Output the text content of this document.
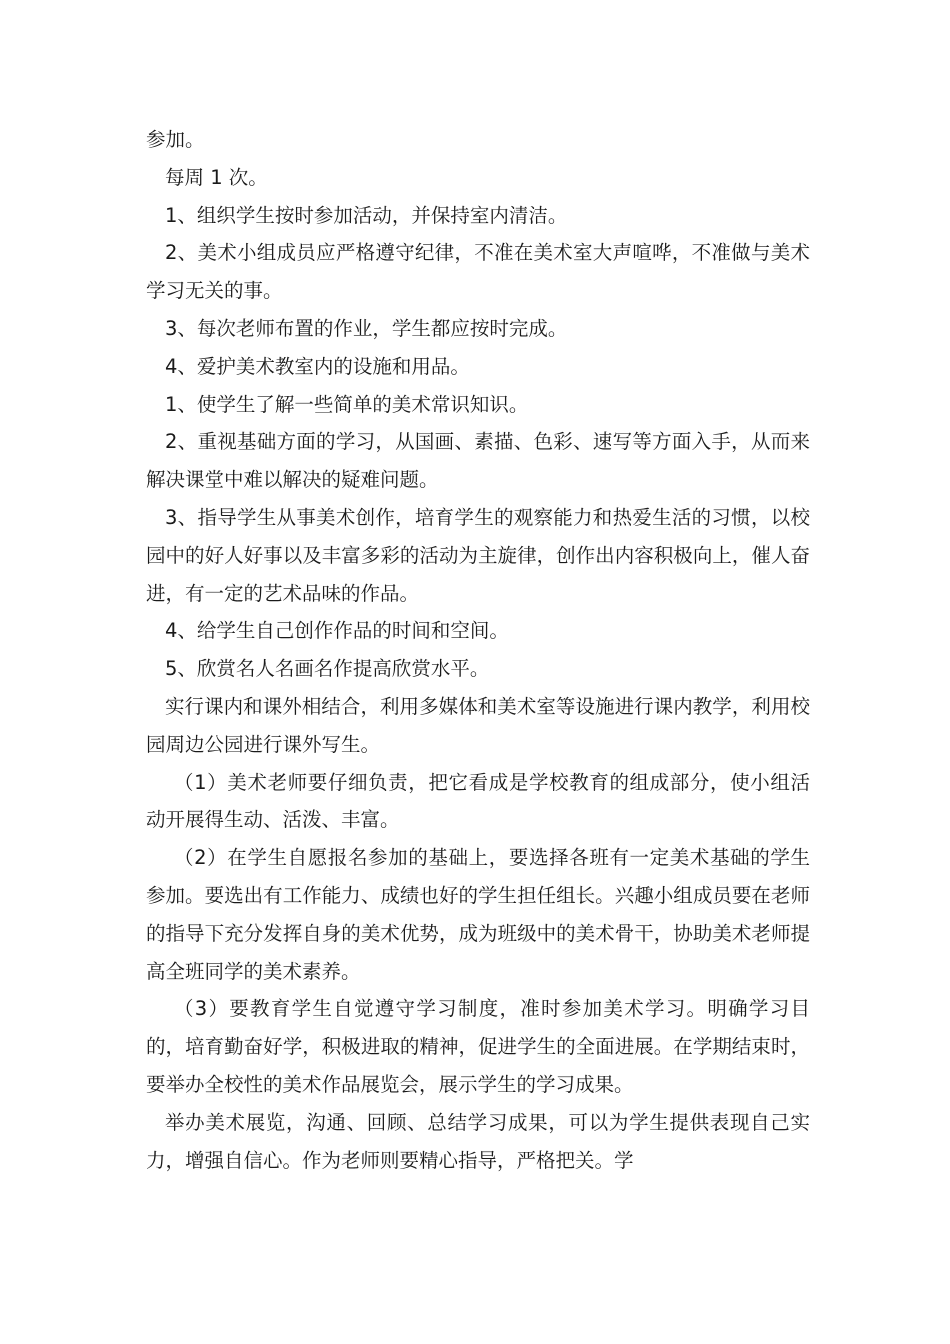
参加。

每周 1 次。

1、组织学生按时参加活动，并保持室内清洁。

2、美术小组成员应严格遵守纪律，不准在美术室大声喧哗，不准做与美术学习无关的事。

3、每次老师布置的作业，学生都应按时完成。

4、爱护美术教室内的设施和用品。

1、使学生了解一些简单的美术常识知识。

2、重视基础方面的学习，从国画、素描、色彩、速写等方面入手，从而来解决课堂中难以解决的疑难问题。

3、指导学生从事美术创作，培育学生的观察能力和热爱生活的习惯，以校园中的好人好事以及丰富多彩的活动为主旋律，创作出内容积极向上，催人奋进，有一定的艺术品味的作品。

4、给学生自己创作作品的时间和空间。

5、欣赏名人名画名作提高欣赏水平。

实行课内和课外相结合，利用多媒体和美术室等设施进行课内教学，利用校园周边公园进行课外写生。

（1）美术老师要仔细负责，把它看成是学校教育的组成部分，使小组活动开展得生动、活泼、丰富。

（2）在学生自愿报名参加的基础上，要选择各班有一定美术基础的学生参加。要选出有工作能力、成绩也好的学生担任组长。兴趣小组成员要在老师的指导下充分发挥自身的美术优势，成为班级中的美术骨干，协助美术老师提高全班同学的美术素养。

（3）要教育学生自觉遵守学习制度，准时参加美术学习。明确学习目的，培育勤奋好学，积极进取的精神，促进学生的全面进展。在学期结束时，要举办全校性的美术作品展览会，展示学生的学习成果。

举办美术展览，沟通、回顾、总结学习成果，可以为学生提供表现自己实力，增强自信心。作为老师则要精心指导，严格把关。学
